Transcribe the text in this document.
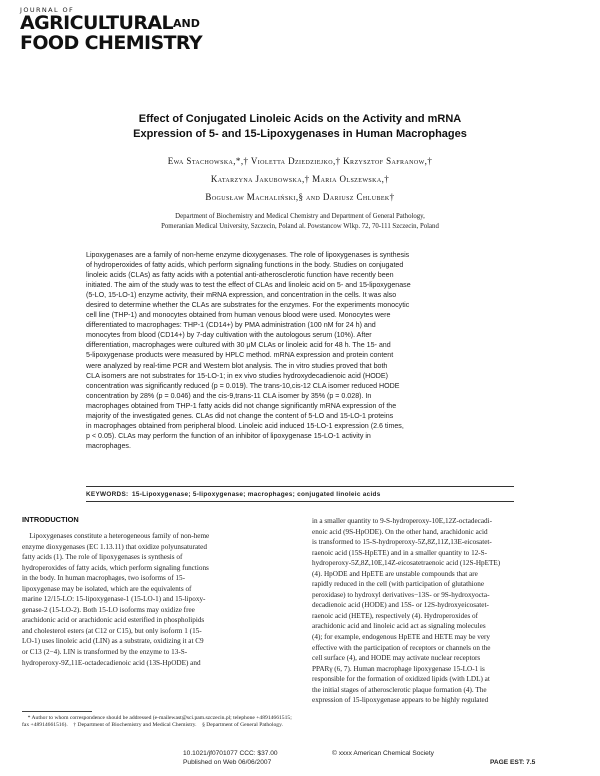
JOURNAL OF
$AGRICULTURAL^{AND}$
FOOD CHEMISTRY
Effect of Conjugated Linoleic Acids on the Activity and mRNA
Expression of 5- and 15-Lipoxygenases in Human Macrophages
Ewa Stachowska,*,† Violetta Dziedziejko,† Krzysztof Safranow,†
Katarzyna Jakubowska,† Maria Olszewska,†
Bogusław Machaliński,§ and Dariusz Chlubek†
Department of Biochemistry and Medical Chemistry and Department of General Pathology,
Pomeranian Medical University, Szczecin, Poland al. Powstancow Wlkp. 72, 70-111 Szczecin, Poland
Lipoxygenases are a family of non-heme enzyme dioxygenases. The role of lipoxygenases is synthesis
of hydroperoxides of fatty acids, which perform signaling functions in the body. Studies on conjugated
linoleic acids (CLAs) as fatty acids with a potential anti-atherosclerotic function have recently been
initiated. The aim of the study was to test the effect of CLAs and linoleic acid on 5- and 15-lipoxygenase
(5-LO, 15-LO-1) enzyme activity, their mRNA expression, and concentration in the cells. It was also
desired to determine whether the CLAs are substrates for the enzymes. For the experiments monocytic
cell line (THP-1) and monocytes obtained from human venous blood were used. Monocytes were
differentiated to macrophages: THP-1 (CD14+) by PMA administration (100 nM for 24 h) and
monocytes from blood (CD14+) by 7-day cultivation with the autologous serum (10%). After
differentiation, macrophages were cultured with 30 μM CLAs or linoleic acid for 48 h. The 15- and
5-lipoxygenase products were measured by HPLC method. mRNA expression and protein content
were analyzed by real-time PCR and Western blot analysis. The in vitro studies proved that both
CLA isomers are not substrates for 15-LO-1; in ex vivo studies hydroxydecadienoic acid (HODE)
concentration was significantly reduced (p = 0.019). The trans-10,cis-12 CLA isomer reduced HODE
concentration by 28% (p = 0.046) and the cis-9,trans-11 CLA isomer by 35% (p = 0.028). In
macrophages obtained from THP-1 fatty acids did not change significantly mRNA expression of the
majority of the investigated genes. CLAs did not change the content of 5-LO and 15-LO-1 proteins
in macrophages obtained from peripheral blood. Linoleic acid induced 15-LO-1 expression (2.6 times,
p < 0.05). CLAs may perform the function of an inhibitor of lipoxygenase 15-LO-1 activity in
macrophages.
KEYWORDS: 15-Lipoxygenase; 5-lipoxygenase; macrophages; conjugated linoleic acids
INTRODUCTION
Lipoxygenases constitute a heterogeneous family of non-heme
enzyme dioxygenases (EC 1.13.11) that oxidize polyunsaturated
fatty acids (1). The role of lipoxygenases is synthesis of
hydroperoxides of fatty acids, which perform signaling functions
in the body. In human macrophages, two isoforms of 15-
lipoxygenase may be isolated, which are the equivalents of
marine 12/15-LO: 15-lipoxygenase-1 (15-LO-1) and 15-lipoxy-
genase-2 (15-LO-2). Both 15-LO isoforms may oxidize free
arachidonic acid or arachidonic acid esterified in phospholipids
and cholesterol esters (at C12 or C15), but only isoform 1 (15-
LO-1) uses linoleic acid (LIN) as a substrate, oxidizing it at C9
or C13 (2−4). LIN is transformed by the enzyme to 13-S-
hydroperoxy-9Z,11E-octadecadienoic acid (13S-HpODE) and
in a smaller quantity to 9-S-hydroperoxy-10E,12Z-octadecadi-
enoic acid (9S-HpODE). On the other hand, arachidonic acid
is transformed to 15-S-hydroperoxy-5Z,8Z,11Z,13E-eicosatet-
raenoic acid (15S-HpETE) and in a smaller quantity to 12-S-
hydroperoxy-5Z,8Z,10E,14Z-eicosatetraenoic acid (12S-HpETE)
(4). HpODE and HpETE are unstable compounds that are
rapidly reduced in the cell (with participation of glutathione
peroxidase) to hydroxyl derivatives−13S- or 9S-hydroxyocta-
decadienoic acid (HODE) and 15S- or 12S-hydroxyeicosatet-
raenoic acid (HETE), respectively (4). Hydroperoxides of
arachidonic acid and linoleic acid act as signaling molecules
(4); for example, endogenous HpETE and HETE may be very
effective with the participation of receptors or channels on the
cell surface (4), and HODE may activate nuclear receptors
PPARγ (6, 7). Human macrophage lipoxygenase 15-LO-1 is
responsible for the formation of oxidized lipids (with LDL) at
the initial stages of atherosclerotic plaque formation (4). The
expression of 15-lipoxygenase appears to be highly regulated
* Author to whom correspondence should be addressed (e-mailewast@sci.pam.szczecin.pl; telephone +48914661515; fax +48914661516).    † Department of Biochemistry and Medical Chemistry.    § Department of General Pathology.
10.1021/jf0701077 CCC: $37.00	© xxxx American Chemical Society
Published on Web 06/06/2007	PAGE EST: 7.5
